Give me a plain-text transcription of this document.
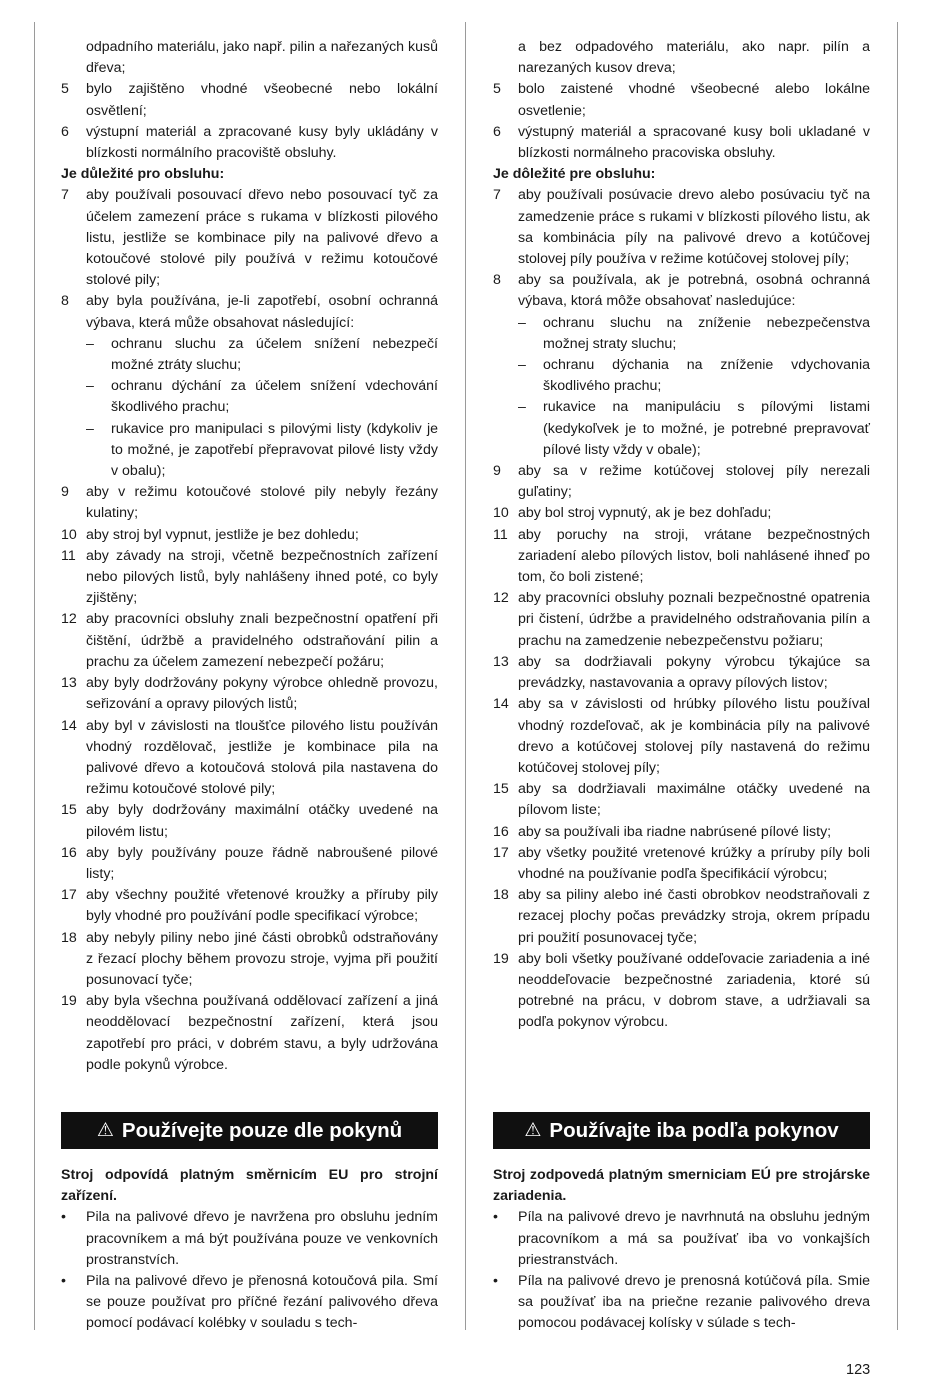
odpadního materiálu, jako např. pilin a nařezaných kusů dřeva;
5	bylo zajištěno vhodné všeobecné nebo lokální osvětlení;
6	výstupní materiál a zpracované kusy byly ukládány v blízkosti normálního pracoviště obsluhy.
Je důležité pro obsluhu:
7	aby používali posouvací dřevo nebo posouvací tyč za účelem zamezení práce s rukama v blízkosti pilového listu, jestliže se kombinace pily na palivové dřevo a kotoučové stolové pily používá v režimu kotoučové stolové pily;
8	aby byla používána, je-li zapotřebí, osobní ochranná výbava, která může obsahovat následující:
–	ochranu sluchu za účelem snížení nebezpečí možné ztráty sluchu;
–	ochranu dýchání za účelem snížení vdechování škodlivého prachu;
–	rukavice pro manipulaci s pilovými listy (kdykoliv je to možné, je zapotřebí přepravovat pilové listy vždy v obalu);
9	aby v režimu kotoučové stolové pily nebyly řezány kulatiny;
10 aby stroj byl vypnut, jestliže je bez dohledu;
11 aby závady na stroji, včetně bezpečnostních zařízení nebo pilových listů, byly nahlášeny ihned poté, co byly zjištěny;
12 aby pracovníci obsluhy znali bezpečnostní opatření při čištění, údržbě a pravidelného odstraňování pilin a prachu za účelem zamezení nebezpečí požáru;
13 aby byly dodržovány pokyny výrobce ohledně provozu, seřizování a opravy pilových listů;
14 aby byl v závislosti na tloušťce pilového listu používán vhodný rozdělovač, jestliže je kombinace pila na palivové dřevo a kotoučová stolová pila nastavena do režimu kotoučové stolové pily;
15 aby byly dodržovány maximální otáčky uvedené na pilovém listu;
16 aby byly používány pouze řádně nabroušené pilové listy;
17 aby všechny použité vřetenové kroužky a příruby pily byly vhodné pro používání podle specifikací výrobce;
18 aby nebyly piliny nebo jiné části obrobků odstraňovány z řezací plochy během provozu stroje, vyjma při použití posunovací tyče;
19 aby byla všechna používaná oddělovací zařízení a jiná neoddělovací bezpečnostní zařízení, která jsou zapotřebí pro práci, v dobrém stavu, a byly udržována podle pokynů výrobce.
a bez odpadového materiálu, ako napr. pilín a narezaných kusov dreva;
5	bolo zaistené vhodné všeobecné alebo lokálne osvetlenie;
6	výstupný materiál a spracované kusy boli ukladané v blízkosti normálneho pracoviska obsluhy.
Je dôležité pre obsluhu:
7	aby používali posúvacie drevo alebo posúvaciu tyč na zamedzenie práce s rukami v blízkosti pílového listu, ak sa kombinácia píly na palivové drevo a kotúčovej stolovej píly používa v režime kotúčovej stolovej píly;
8	aby sa používala, ak je potrebná, osobná ochranná výbava, ktorá môže obsahovať nasledujúce:
–	ochranu sluchu na zníženie nebezpečenstva možnej straty sluchu;
–	ochranu dýchania na zníženie vdychovania škodlivého prachu;
–	rukavice na manipuláciu s pílovými listami (kedykoľvek je to možné, je potrebné prepravovať pílové listy vždy v obale);
9	aby sa v režime kotúčovej stolovej píly nerezali guľatiny;
10 aby bol stroj vypnutý, ak je bez dohľadu;
11 aby poruchy na stroji, vrátane bezpečnostných zariadení alebo pílových listov, boli nahlásené ihneď po tom, čo boli zistené;
12 aby pracovníci obsluhy poznali bezpečnostné opatrenia pri čistení, údržbe a pravidelného odstraňovania pilín a prachu na zamedzenie nebezpečenstvu požiaru;
13 aby sa dodržiavali pokyny výrobcu týkajúce sa prevádzky, nastavovania a opravy pílových listov;
14 aby sa v závislosti od hrúbky pílového listu používal vhodný rozdeľovač, ak je kombinácia píly na palivové drevo a kotúčovej stolovej píly nastavená do režimu kotúčovej stolovej píly;
15 aby sa dodržiavali maximálne otáčky uvedené na pílovom liste;
16 aby sa používali iba riadne nabrúsené pílové listy;
17 aby všetky použité vretenové krúžky a príruby píly boli vhodné na používanie podľa špecifikácií výrobcu;
18 aby sa piliny alebo iné časti obrobkov neodstraňovali z rezacej plochy počas prevádzky stroja, okrem prípadu pri použití posunovacej tyče;
19 aby boli všetky používané oddeľovacie zariadenia a iné neoddeľovacie bezpečnostné zariadenia, ktoré sú potrebné na prácu, v dobrom stave, a udržiavali sa podľa pokynov výrobcu.
⚠ Používejte pouze dle pokynů	⚠ Používajte iba podľa pokynov
Stroj odpovídá platným směrnicím EU pro strojní zařízení.
•	Pila na palivové dřevo je navržena pro obsluhu jedním pracovníkem a má být používána pouze ve venkovních prostranstvích.
•	Pila na palivové dřevo je přenosná kotoučová pila. Smí se pouze používat pro příčné řezání palivového dřeva pomocí podávací kolébky v souladu s tech-
Stroj zodpovedá platným smerniciam EÚ pre strojárske zariadenia.
•	Píla na palivové drevo je navrhnutá na obsluhu jedným pracovníkom a má sa používať iba vo vonkajších priestranstvách.
•	Píla na palivové drevo je prenosná kotúčová píla. Smie sa používať iba na priečne rezanie palivového dreva pomocou podávacej kolísky v súlade s tech-
123
